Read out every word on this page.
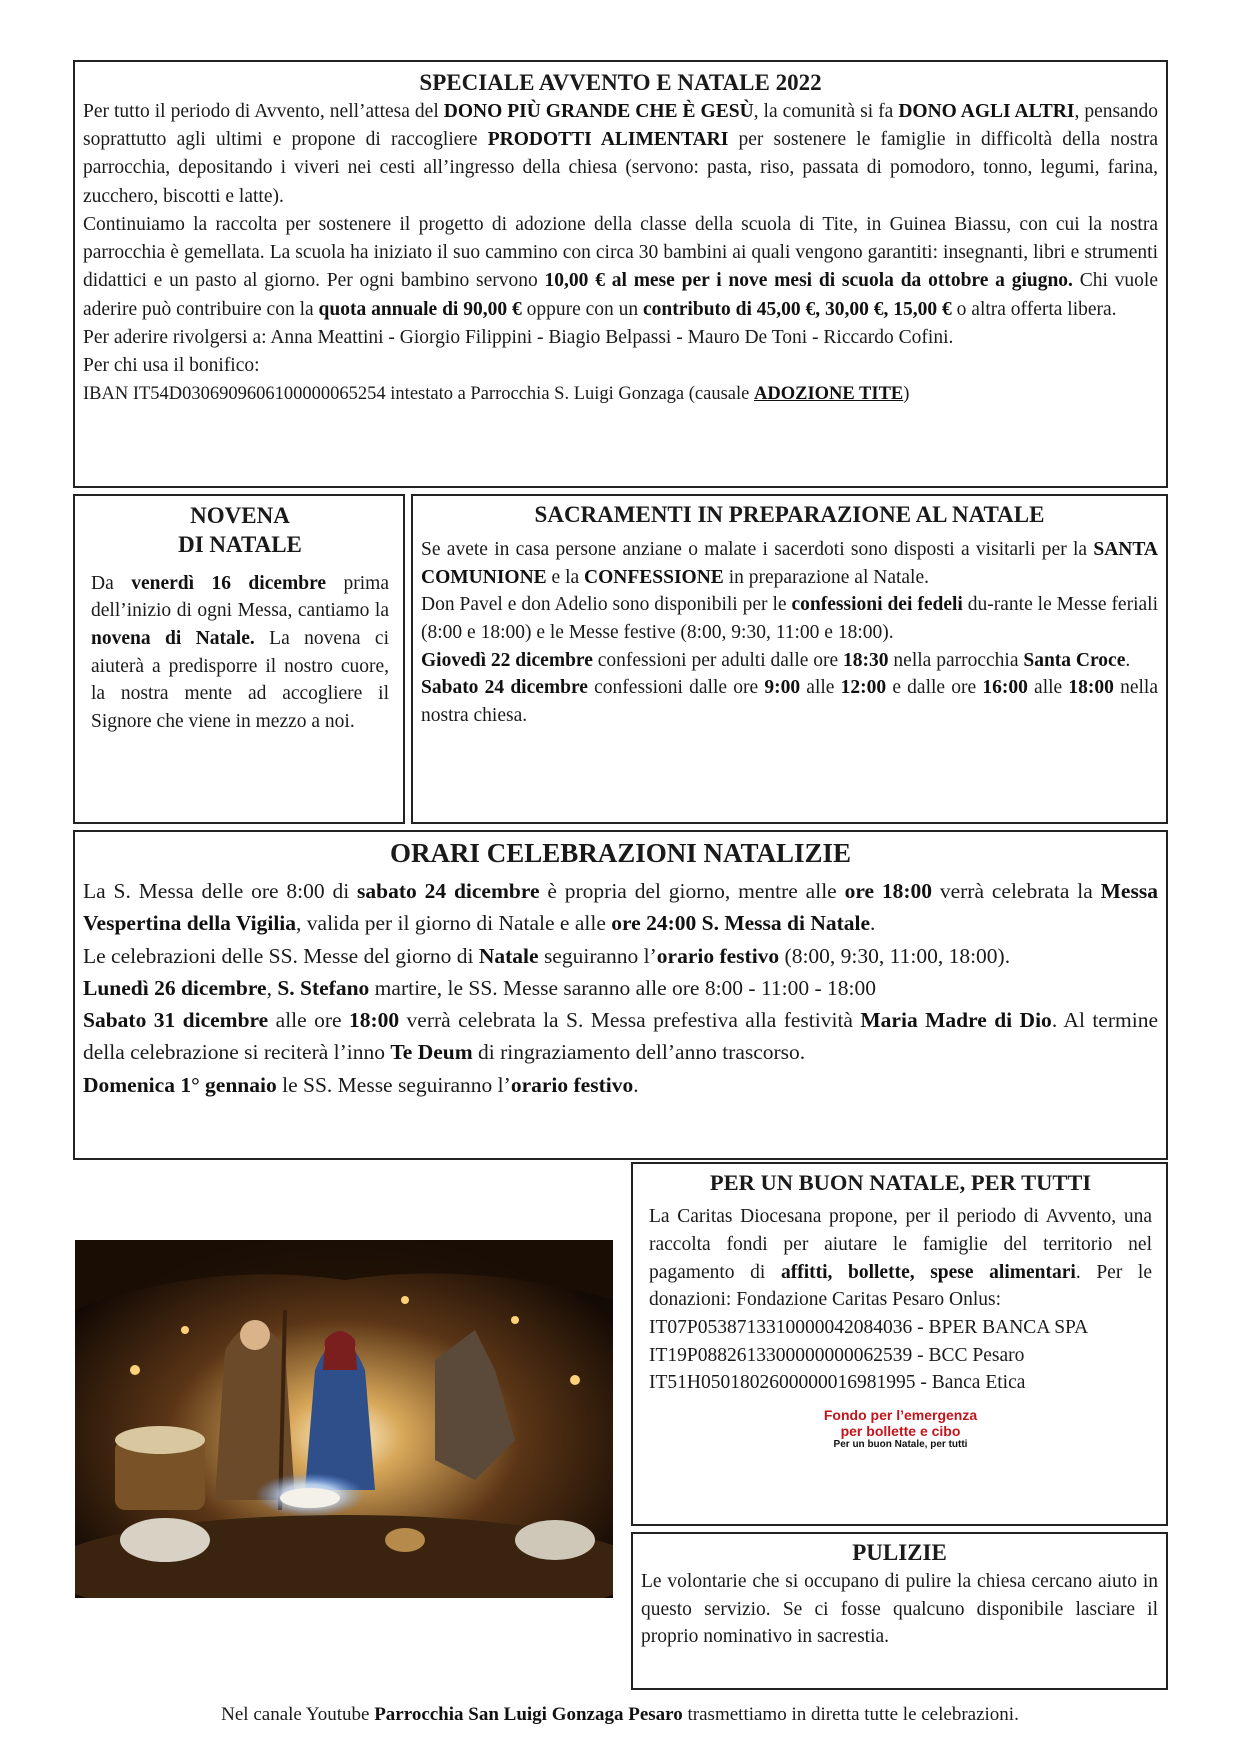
SPECIALE AVVENTO E NATALE 2022

Per tutto il periodo di Avvento, nell’attesa del DONO PIÙ GRANDE CHE È GESÙ, la comunità si fa DONO AGLI ALTRI, pensando soprattutto agli ultimi e propone di raccogliere PRODOTTI ALIMENTARI per sostenere le famiglie in difficoltà della nostra parrocchia, depositando i viveri nei cesti all’ingresso della chiesa (servono: pasta, riso, passata di pomodoro, tonno, legumi, farina, zucchero, biscotti e latte).

Continuiamo la raccolta per sostenere il progetto di adozione della classe della scuola di Tite, in Guinea Biassu, con cui la nostra parrocchia è gemellata. La scuola ha iniziato il suo cammino con circa 30 bambini ai quali vengono garantiti: insegnanti, libri e strumenti didattici e un pasto al giorno. Per ogni bambino servono 10,00 € al mese per i nove mesi di scuola da ottobre a giugno. Chi vuole aderire può contribuire con la quota annuale di 90,00 € oppure con un contributo di 45,00 €, 30,00 €, 15,00 € o altra offerta libera.

Per aderire rivolgersi a: Anna Meattini - Giorgio Filippini - Biagio Belpassi - Mauro De Toni - Riccardo Cofini.

Per chi usa il bonifico:

IBAN IT54D0306909606100000065254 intestato a Parrocchia S. Luigi Gonzaga (causale ADOZIONE TITE)

NOVENA
DI NATALE

Da venerdì 16 dicembre prima dell’inizio di ogni Messa, cantiamo la novena di Natale. La novena ci aiuterà a predisporre il nostro cuore, la nostra mente ad accogliere il Signore che viene in mezzo a noi.

SACRAMENTI IN PREPARAZIONE AL NATALE

Se avete in casa persone anziane o malate i sacerdoti sono disposti a visitarli per la SANTA COMUNIONE e la CONFESSIONE in preparazione al Natale.

Don Pavel e don Adelio sono disponibili per le confessioni dei fedeli du-rante le Messe feriali (8:00 e 18:00) e le Messe festive (8:00, 9:30, 11:00 e 18:00).

Giovedì 22 dicembre confessioni per adulti dalle ore 18:30 nella parrocchia Santa Croce.

Sabato 24 dicembre confessioni dalle ore 9:00 alle 12:00 e dalle ore 16:00 alle 18:00 nella nostra chiesa.

ORARI CELEBRAZIONI NATALIZIE

La S. Messa delle ore 8:00 di sabato 24 dicembre è propria del giorno, mentre alle ore 18:00 verrà celebrata la Messa Vespertina della Vigilia, valida per il giorno di Natale e alle ore 24:00 S. Messa di Natale.

Le celebrazioni delle SS. Messe del giorno di Natale seguiranno l’orario festivo (8:00, 9:30, 11:00, 18:00).

Lunedì 26 dicembre, S. Stefano martire, le SS. Messe saranno alle ore 8:00 - 11:00 - 18:00

Sabato 31 dicembre alle ore 18:00 verrà celebrata la S. Messa prefestiva alla festività Maria Madre di Dio. Al termine della celebrazione si reciterà l’inno Te Deum di ringraziamento dell’anno trascorso.

Domenica 1° gennaio le SS. Messe seguiranno l’orario festivo.

PER UN BUON NATALE, PER TUTTI

La Caritas Diocesana propone, per il periodo di Avvento, una raccolta fondi per aiutare le famiglie del territorio nel pagamento di affitti, bollette, spese alimentari. Per le donazioni: Fondazione Caritas Pesaro Onlus:

IT07P0538713310000042084036 - BPER BANCA SPA

IT19P0882613300000000062539 - BCC Pesaro

IT51H0501802600000016981995 - Banca Etica

Fondo per l’emergenza
per bollette e cibo
Per un buon Natale, per tutti
PULIZIE

Le volontarie che si occupano di pulire la chiesa cercano aiuto in questo servizio. Se ci fosse qualcuno disponibile lasciare il proprio nominativo in sacrestia.

Nel canale Youtube Parrocchia San Luigi Gonzaga Pesaro trasmettiamo in diretta tutte le celebrazioni.
